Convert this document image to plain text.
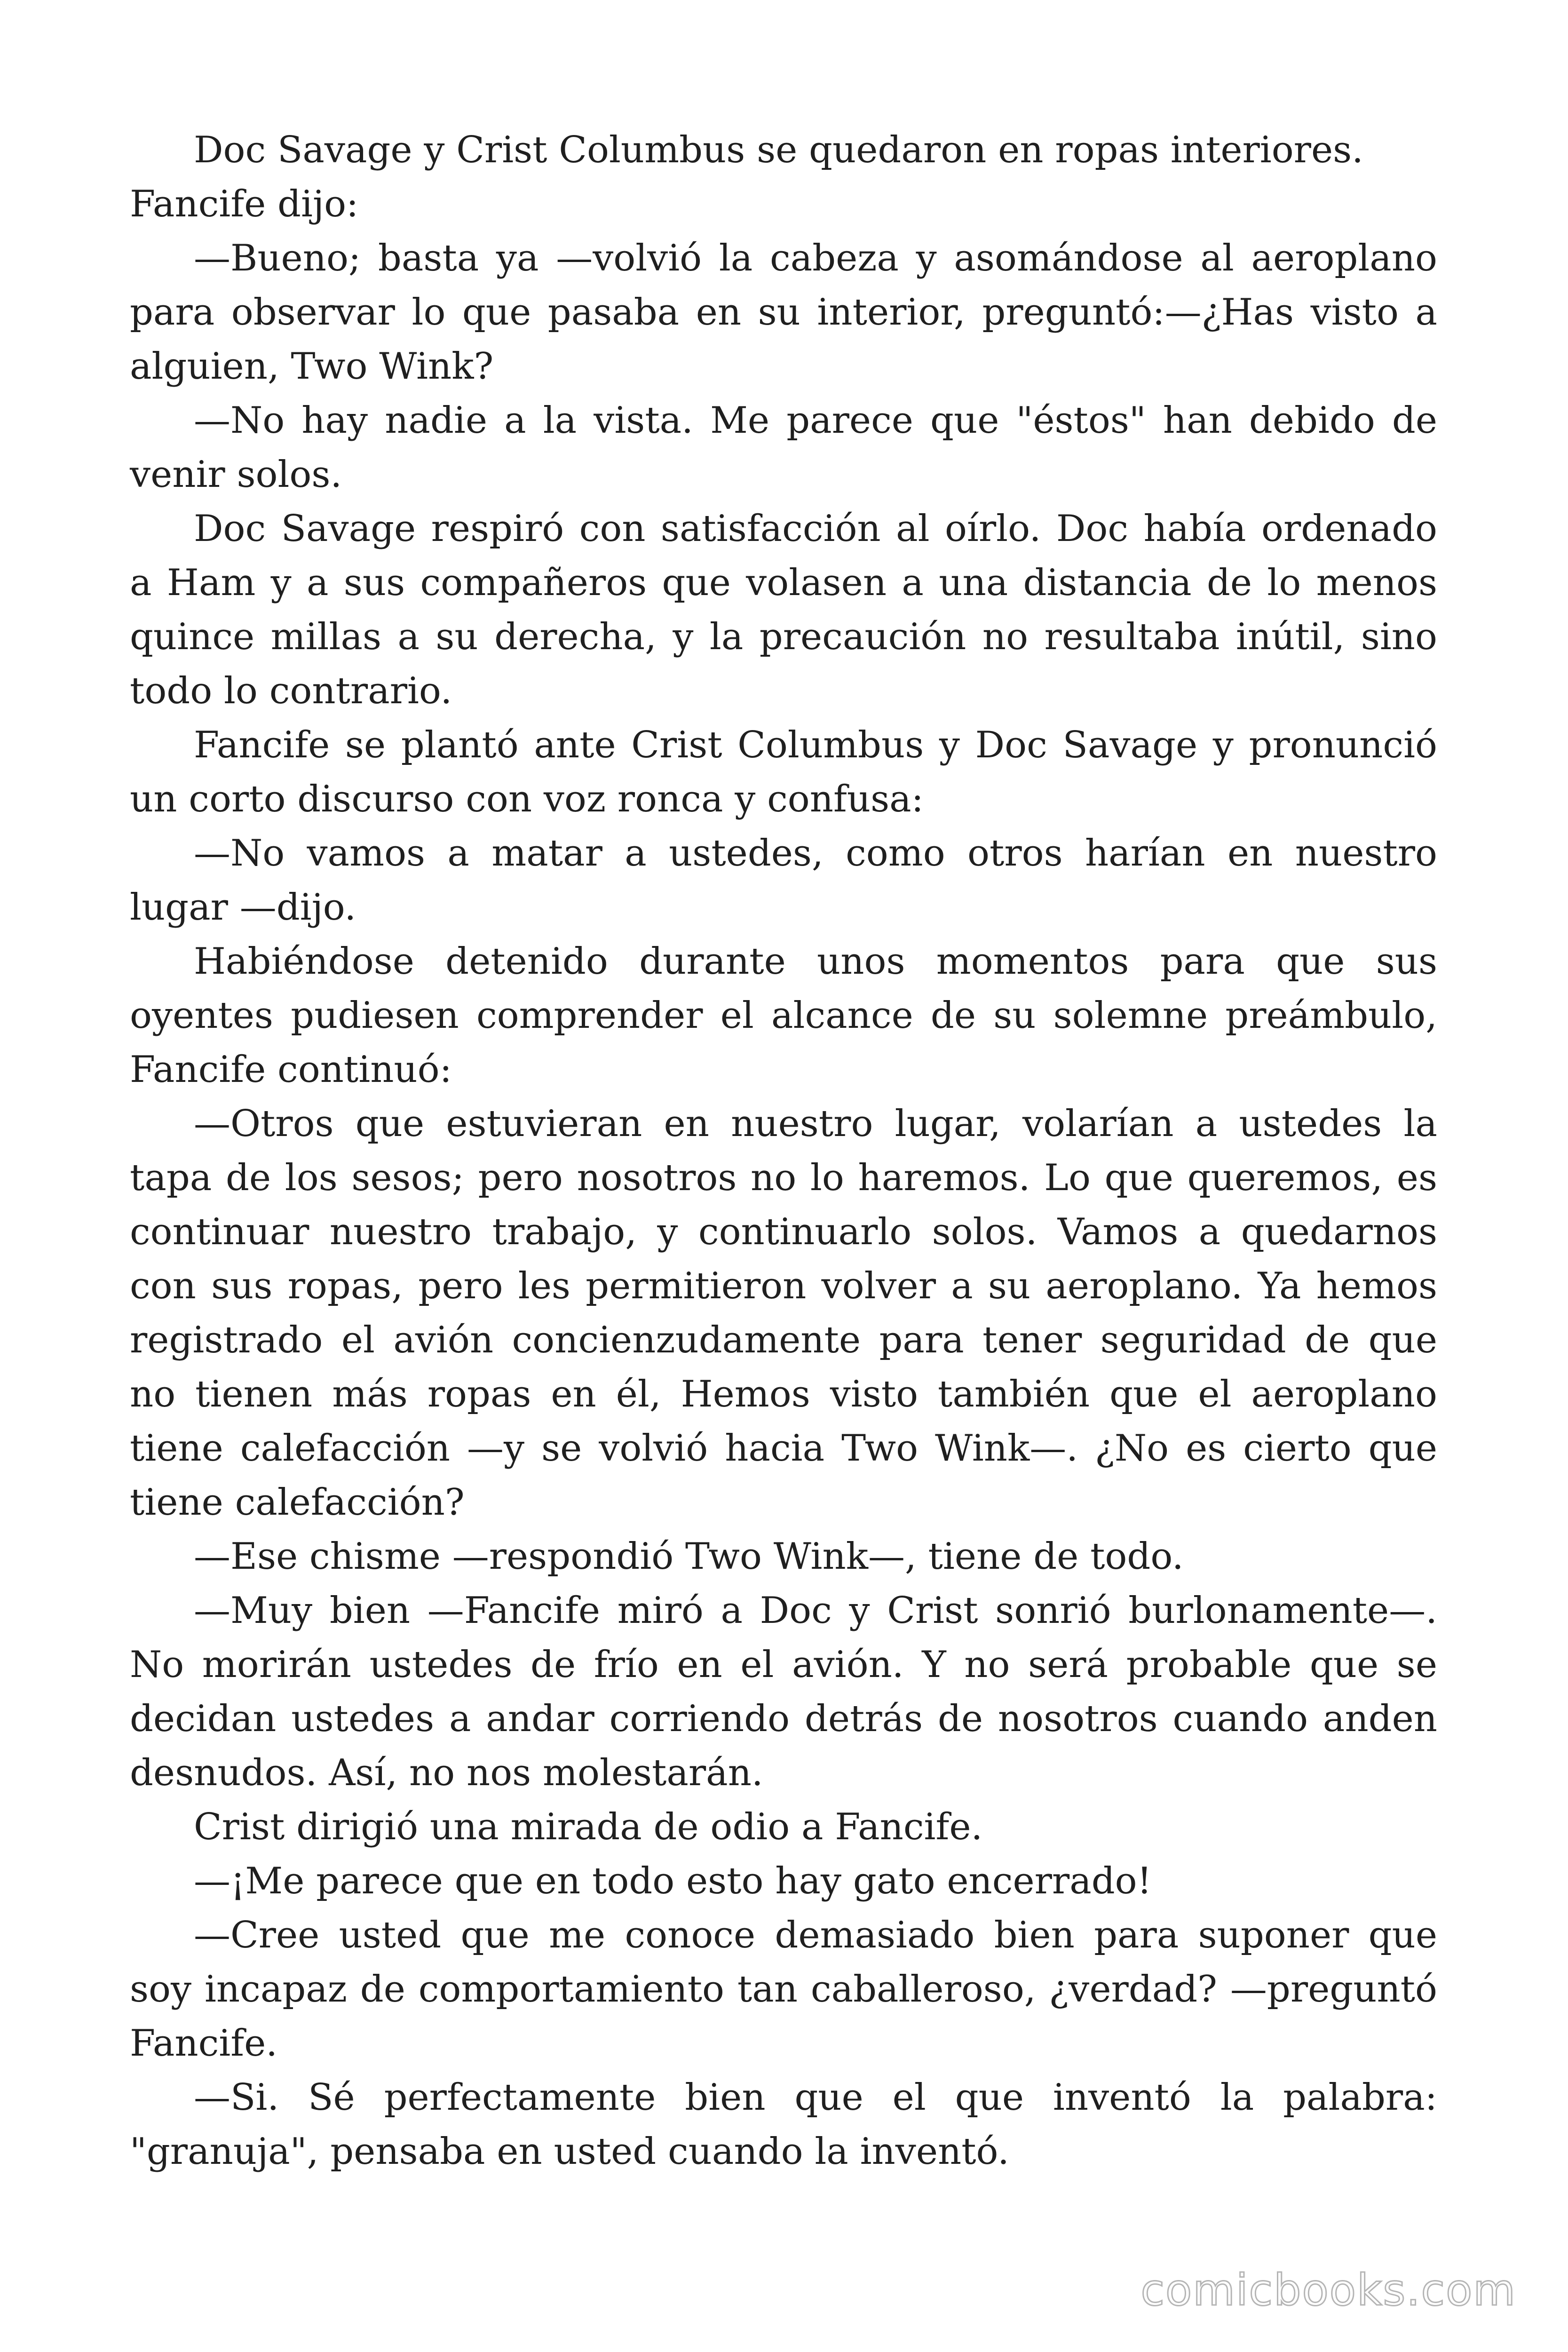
Doc Savage y Crist Columbus se quedaron en ropas interiores.

Fancife dijo:

—Bueno; basta ya —volvió la cabeza y asomándose al aeroplano para observar lo que pasaba en su interior, preguntó:—¿Has visto a alguien, Two Wink?

—No hay nadie a la vista. Me parece que "éstos" han debido de venir solos.

Doc Savage respiró con satisfacción al oírlo. Doc había ordenado a Ham y a sus compañeros que volasen a una distancia de lo menos quince millas a su derecha, y la precaución no resultaba inútil, sino todo lo contrario.

Fancife se plantó ante Crist Columbus y Doc Savage y pronunció un corto discurso con voz ronca y confusa:

—No vamos a matar a ustedes, como otros harían en nuestro lugar —dijo.

Habiéndose detenido durante unos momentos para que sus oyentes pudiesen comprender el alcance de su solemne preámbulo, Fancife continuó:

—Otros que estuvieran en nuestro lugar, volarían a ustedes la tapa de los sesos; pero nosotros no lo haremos. Lo que queremos, es continuar nuestro trabajo, y continuarlo solos. Vamos a quedarnos con sus ropas, pero les permitieron volver a su aeroplano. Ya hemos registrado el avión concienzudamente para tener seguridad de que no tienen más ropas en él, Hemos visto también que el aeroplano tiene calefacción —y se volvió hacia Two Wink—. ¿No es cierto que tiene calefacción?

—Ese chisme —respondió Two Wink—, tiene de todo.

—Muy bien —Fancife miró a Doc y Crist sonrió burlonamente—. No morirán ustedes de frío en el avión. Y no será probable que se decidan ustedes a andar corriendo detrás de nosotros cuando anden desnudos. Así, no nos molestarán.

Crist dirigió una mirada de odio a Fancife.

—¡Me parece que en todo esto hay gato encerrado!

—Cree usted que me conoce demasiado bien para suponer que soy incapaz de comportamiento tan caballeroso, ¿verdad? —preguntó Fancife.

—Si. Sé perfectamente bien que el que inventó la palabra: "granuja", pensaba en usted cuando la inventó.

comicbooks.com
